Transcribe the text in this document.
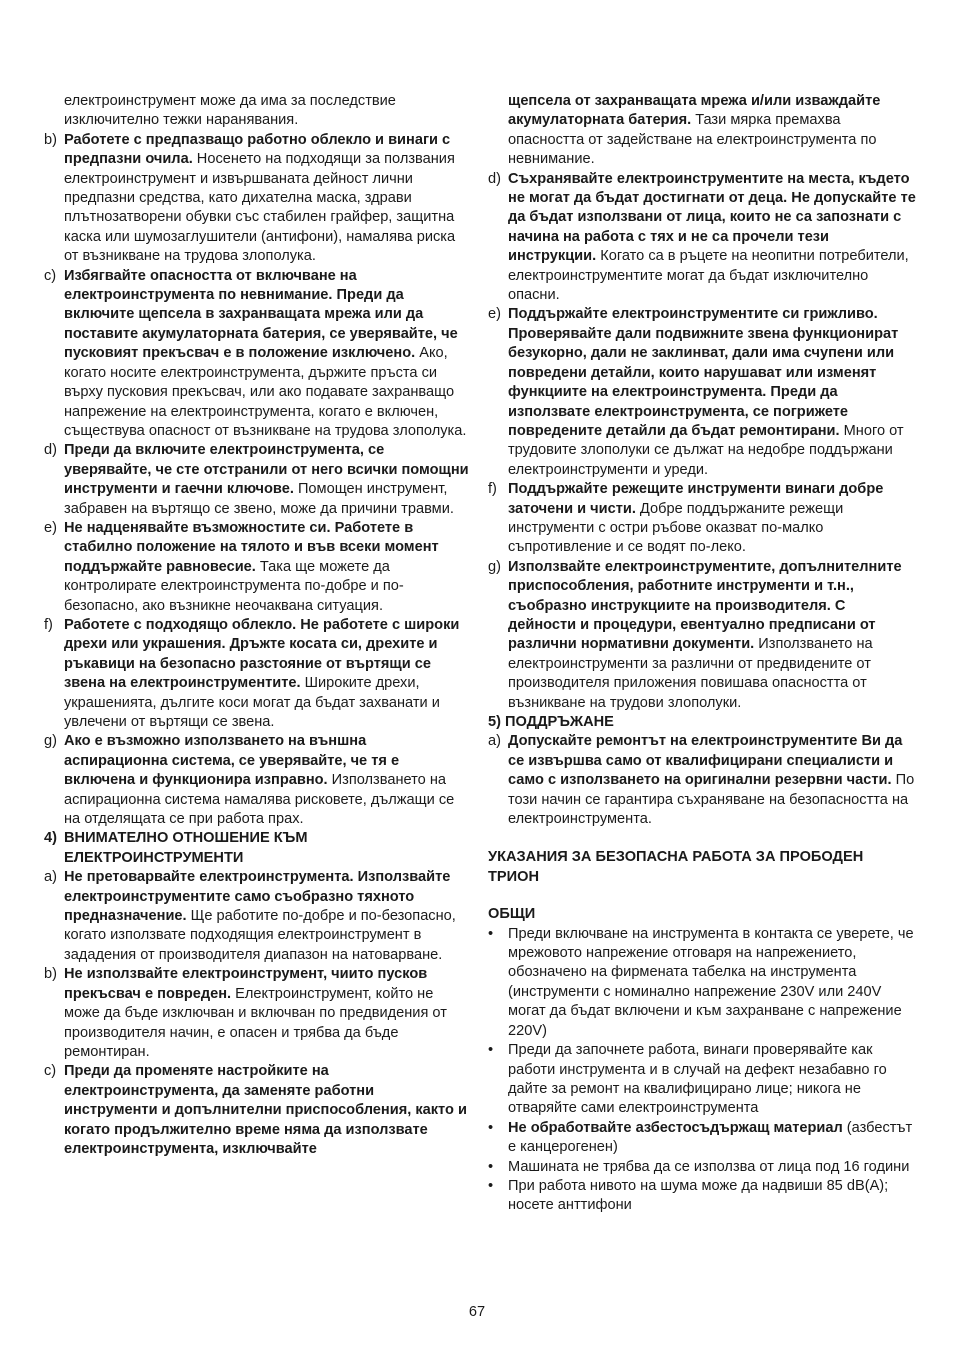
електроинструмент може да има за последствие изключително тежки наранявания.
b) Работете с предпазващо работно облекло и винаги с предпазни очила. Носенето на подходящи за ползвания електроинструмент и извършваната дейност лични предпазни средства, като дихателна маска, здрави плътнозатворени обувки със стабилен грайфер, защитна каска или шумозаглушители (антифони), намалява риска от възникване на трудова злополука.
c) Избягвайте опасността от включване на електроинструмента по невнимание. Преди да включите щепсела в захранващата мрежа или да поставите акумулаторната батерия, се уверявайте, че пусковият прекъсвач е в положение изключено. Ако, когато носите електроинструмента, държите пръста си върху пусковия прекъсвач, или ако подавате захранващо напрежение на електроинструмента, когато е включен, съществува опасност от възникване на трудова злополука.
d) Преди да включите електроинструмента, се уверявайте, че сте отстранили от него всички помощни инструменти и гаечни ключове. Помощен инструмент, забравен на въртящо се звено, може да причини травми.
e) Не надценявайте възможностите си. Работете в стабилно положение на тялото и във всеки момент поддържайте равновесие. Така ще можете да контролирате електроинструмента по-добре и по-безопасно, ако възникне неочаквана ситуация.
f) Работете с подходящо облекло. Не работете с широки дрехи или украшения. Дръжте косата си, дрехите и ръкавици на безопасно разстояние от въртящи се звена на електроинструментите. Широките дрехи, украшенията, дългите коси могат да бъдат захванати и увлечени от въртящи се звена.
g) Ако е възможно използването на външна аспирационна система, се уверявайте, че тя е включена и функционира изправно. Използването на аспирационна система намалява рисковете, дължащи се на отделящата се при работа прах.
4) ВНИМАТЕЛНО ОТНОШЕНИЕ КЪМ ЕЛЕКТРОИНСТРУМЕНТИ
a) Не претоварвайте електроинструмента. Използвайте електроинструментите само съобразно тяхното предназначение. Ще работите по-добре и по-безопасно, когато използвате подходящия електроинструмент в зададения от производителя диапазон на натоварване.
b) Не използвайте електроинструмент, чиито пусков прекъсвач е повреден. Електроинструмент, който не може да бъде изключван и включван по предвидения от производителя начин, е опасен и трябва да бъде ремонтиран.
c) Преди да променяте настройките на електроинструмента, да заменяте работни инструменти и допълнителни приспособления, както и когато продължително време няма да използвате електроинструмента, изключвайте
щепсела от захранващата мрежа и/или изваждайте акумулаторната батерия. Тази мярка премахва опасността от задействане на електроинструмента по невнимание.
d) Съхранявайте електроинструментите на места, където не могат да бъдат достигнати от деца. Не допускайте те да бъдат използвани от лица, които не са запознати с начина на работа с тях и не са прочели тези инструкции. Когато са в ръцете на неопитни потребители, електроинструментите могат да бъдат изключително опасни.
e) Поддържайте електроинструментите си грижливо. Проверявайте дали подвижните звена функционират безукорно, дали не заклинват, дали има счупени или повредени детайли, които нарушават или изменят функциите на електроинструмента. Преди да използвате електроинструмента, се погрижете повредените детайли да бъдат ремонтирани. Много от трудовите злополуки се дължат на недобре поддържани електроинструменти и уреди.
f) Поддържайте режещите инструменти винаги добре заточени и чисти. Добре поддържаните режещи инструменти с остри ръбове оказват по-малко съпротивление и се водят по-леко.
g) Използвайте електроинструментите, допълнителните приспособления, работните инструменти и т.н., съобразно инструкциите на производителя. С дейности и процедури, евентуално предписани от различни нормативни документи. Използването на електроинструменти за различни от предвидените от производителя приложения повишава опасността от възникване на трудови злополуки.
5) ПОДДРЪЖАНЕ
a) Допускайте ремонтът на електроинструментите Ви да се извършва само от квалифицирани специалисти и само с използването на оригинални резервни части. По този начин се гарантира съхраняване на безопасността на електроинструмента.
УКАЗАНИЯ ЗА БЕЗОПАСНА РАБОТА ЗА ПРОБОДЕН ТРИОН
ОБЩИ
•	Преди включване на инструмента в контакта се уверете, че мрежовото напрежение отговаря на напрежението, обозначено на фирмената табелка на инструмента (инструменти с номинално напрежение 230V или 240V могат да бъдат включени и към захранване с напрежение 220V)
•	Преди да започнете работа, винаги проверявайте как работи инструмента и в случай на дефект незабавно го дайте за ремонт на квалифицирано лице; никога не отваряйте сами електроинструмента
•	Не обработвайте азбестосъдържащ материал (азбестът е канцерогенен)
•	Машината не трябва да се използва от лица под 16 години
•	При работа нивото на шума може да надвиши 85 dB(A); носете анттифони
67
